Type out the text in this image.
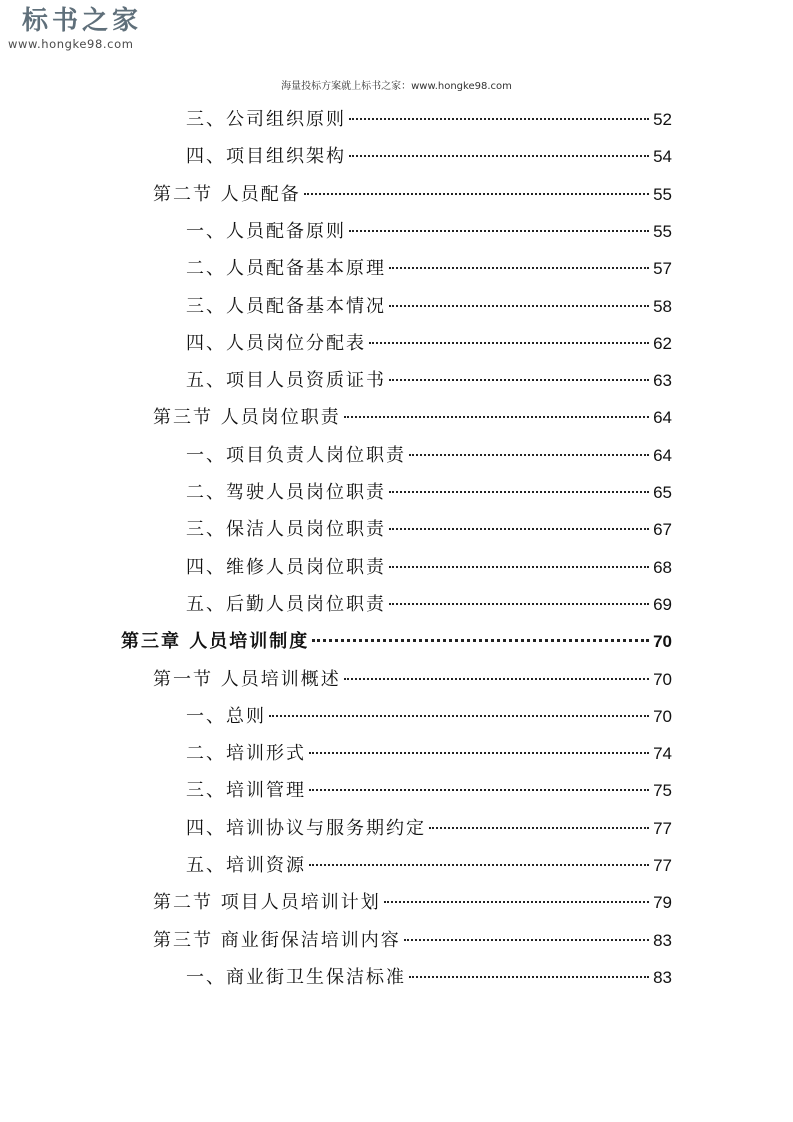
标书之家
www.hongke98.com
海量投标方案就上标书之家：www.hongke98.com
三、公司组织原则	52
四、项目组织架构	54
第二节 人员配备	55
一、人员配备原则	55
二、人员配备基本原理	57
三、人员配备基本情况	58
四、人员岗位分配表	62
五、项目人员资质证书	63
第三节 人员岗位职责	64
一、项目负责人岗位职责	64
二、驾驶人员岗位职责	65
三、保洁人员岗位职责	67
四、维修人员岗位职责	68
五、后勤人员岗位职责	69
第三章 人员培训制度	70
第一节 人员培训概述	70
一、总则	70
二、培训形式	74
三、培训管理	75
四、培训协议与服务期约定	77
五、培训资源	77
第二节 项目人员培训计划	79
第三节 商业街保洁培训内容	83
一、商业街卫生保洁标准	83
